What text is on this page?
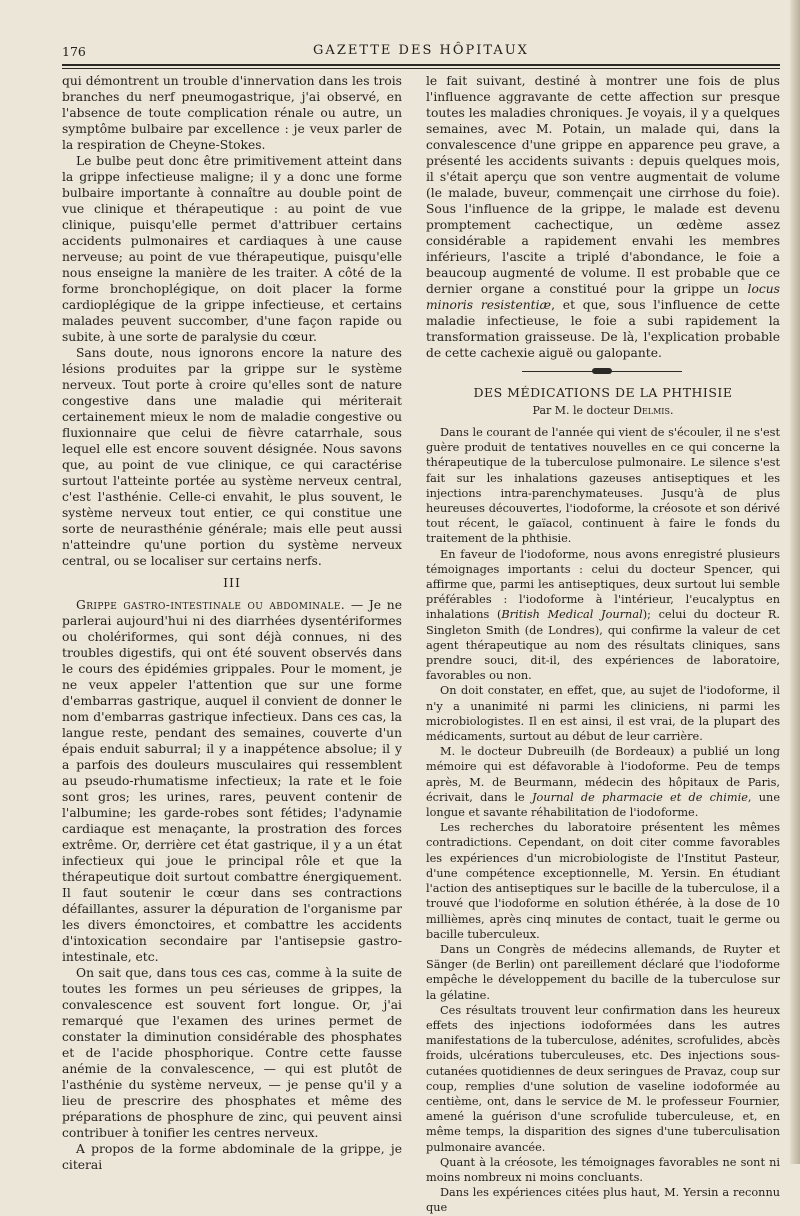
176	GAZETTE DES HÔPITAUX

qui démontrent un trouble d'innervation dans les trois branches du nerf pneumogastrique, j'ai observé, en l'absence de toute complication rénale ou autre, un symptôme bulbaire par excellence : je veux parler de la respiration de Cheyne-Stokes.

Le bulbe peut donc être primitivement atteint dans la grippe infectieuse maligne; il y a donc une forme bulbaire importante à connaître au double point de vue clinique et thérapeutique : au point de vue clinique, puisqu'elle permet d'attribuer certains accidents pulmonaires et cardiaques à une cause nerveuse; au point de vue thérapeutique, puisqu'elle nous enseigne la manière de les traiter. A côté de la forme bronchoplégique, on doit placer la forme cardioplégique de la grippe infectieuse, et certains malades peuvent succomber, d'une façon rapide ou subite, à une sorte de paralysie du cœur.

Sans doute, nous ignorons encore la nature des lésions produites par la grippe sur le système nerveux. Tout porte à croire qu'elles sont de nature congestive dans une maladie qui mériterait certainement mieux le nom de maladie congestive ou fluxionnaire que celui de fièvre catarrhale, sous lequel elle est encore souvent désignée. Nous savons que, au point de vue clinique, ce qui caractérise surtout l'atteinte portée au système nerveux central, c'est l'asthénie. Celle-ci envahit, le plus souvent, le système nerveux tout entier, ce qui constitue une sorte de neurasthénie générale; mais elle peut aussi n'atteindre qu'une portion du système nerveux central, ou se localiser sur certains nerfs.

III

Grippe gastro-intestinale ou abdominale. — Je ne parlerai aujourd'hui ni des diarrhées dysentériformes ou cholériformes, qui sont déjà connues, ni des troubles digestifs, qui ont été souvent observés dans le cours des épidémies grippales. Pour le moment, je ne veux appeler l'attention que sur une forme d'embarras gastrique, auquel il convient de donner le nom d'embarras gastrique infectieux. Dans ces cas, la langue reste, pendant des semaines, couverte d'un épais enduit saburral; il y a inappétence absolue; il y a parfois des douleurs musculaires qui ressemblent au pseudo-rhumatisme infectieux; la rate et le foie sont gros; les urines, rares, peuvent contenir de l'albumine; les garde-robes sont fétides; l'adynamie cardiaque est menaçante, la prostration des forces extrême. Or, derrière cet état gastrique, il y a un état infectieux qui joue le principal rôle et que la thérapeutique doit surtout combattre énergiquement. Il faut soutenir le cœur dans ses contractions défaillantes, assurer la dépuration de l'organisme par les divers émonctoires, et combattre les accidents d'intoxication secondaire par l'antisepsie gastro-intestinale, etc.

On sait que, dans tous ces cas, comme à la suite de toutes les formes un peu sérieuses de grippes, la convalescence est souvent fort longue. Or, j'ai remarqué que l'examen des urines permet de constater la diminution considérable des phosphates et de l'acide phosphorique. Contre cette fausse anémie de la convalescence, — qui est plutôt de l'asthénie du système nerveux, — je pense qu'il y a lieu de prescrire des phosphates et même des préparations de phosphure de zinc, qui peuvent ainsi contribuer à tonifier les centres nerveux.

A propos de la forme abdominale de la grippe, je citerai

le fait suivant, destiné à montrer une fois de plus l'influence aggravante de cette affection sur presque toutes les maladies chroniques. Je voyais, il y a quelques semaines, avec M. Potain, un malade qui, dans la convalescence d'une grippe en apparence peu grave, a présenté les accidents suivants : depuis quelques mois, il s'était aperçu que son ventre augmentait de volume (le malade, buveur, commençait une cirrhose du foie). Sous l'influence de la grippe, le malade est devenu promptement cachectique, un œdème assez considérable a rapidement envahi les membres inférieurs, l'ascite a triplé d'abondance, le foie a beaucoup augmenté de volume. Il est probable que ce dernier organe a constitué pour la grippe un locus minoris resistentiæ, et que, sous l'influence de cette maladie infectieuse, le foie a subi rapidement la transformation graisseuse. De là, l'explication probable de cette cachexie aiguë ou galopante.

DES MÉDICATIONS DE LA PHTHISIE
Par M. le docteur Delmis.

Dans le courant de l'année qui vient de s'écouler, il ne s'est guère produit de tentatives nouvelles en ce qui concerne la thérapeutique de la tuberculose pulmonaire. Le silence s'est fait sur les inhalations gazeuses antiseptiques et les injections intra-parenchymateuses. Jusqu'à de plus heureuses découvertes, l'iodoforme, la créosote et son dérivé tout récent, le gaïacol, continuent à faire le fonds du traitement de la phthisie.

En faveur de l'iodoforme, nous avons enregistré plusieurs témoignages importants : celui du docteur Spencer, qui affirme que, parmi les antiseptiques, deux surtout lui semble préférables : l'iodoforme à l'intérieur, l'eucalyptus en inhalations (British Medical Journal); celui du docteur R. Singleton Smith (de Londres), qui confirme la valeur de cet agent thérapeutique au nom des résultats cliniques, sans prendre souci, dit-il, des expériences de laboratoire, favorables ou non.

On doit constater, en effet, que, au sujet de l'iodoforme, il n'y a unanimité ni parmi les cliniciens, ni parmi les microbiologistes. Il en est ainsi, il est vrai, de la plupart des médicaments, surtout au début de leur carrière.

M. le docteur Dubreuilh (de Bordeaux) a publié un long mémoire qui est défavorable à l'iodoforme. Peu de temps après, M. de Beurmann, médecin des hôpitaux de Paris, écrivait, dans le Journal de pharmacie et de chimie, une longue et savante réhabilitation de l'iodoforme.

Les recherches du laboratoire présentent les mêmes contradictions. Cependant, on doit citer comme favorables les expériences d'un microbiologiste de l'Institut Pasteur, d'une compétence exceptionnelle, M. Yersin. En étudiant l'action des antiseptiques sur le bacille de la tuberculose, il a trouvé que l'iodoforme en solution éthérée, à la dose de 10 millièmes, après cinq minutes de contact, tuait le germe ou bacille tuberculeux.

Dans un Congrès de médecins allemands, de Ruyter et Sänger (de Berlin) ont pareillement déclaré que l'iodoforme empêche le développement du bacille de la tuberculose sur la gélatine.

Ces résultats trouvent leur confirmation dans les heureux effets des injections iodoformées dans les autres manifestations de la tuberculose, adénites, scrofulides, abcès froids, ulcérations tuberculeuses, etc. Des injections sous-cutanées quotidiennes de deux seringues de Pravaz, coup sur coup, remplies d'une solution de vaseline iodoformée au centième, ont, dans le service de M. le professeur Fournier, amené la guérison d'une scrofulide tuberculeuse, et, en même temps, la disparition des signes d'une tuberculisation pulmonaire avancée.

Quant à la créosote, les témoignages favorables ne sont ni moins nombreux ni moins concluants.

Dans les expériences citées plus haut, M. Yersin a reconnu que
